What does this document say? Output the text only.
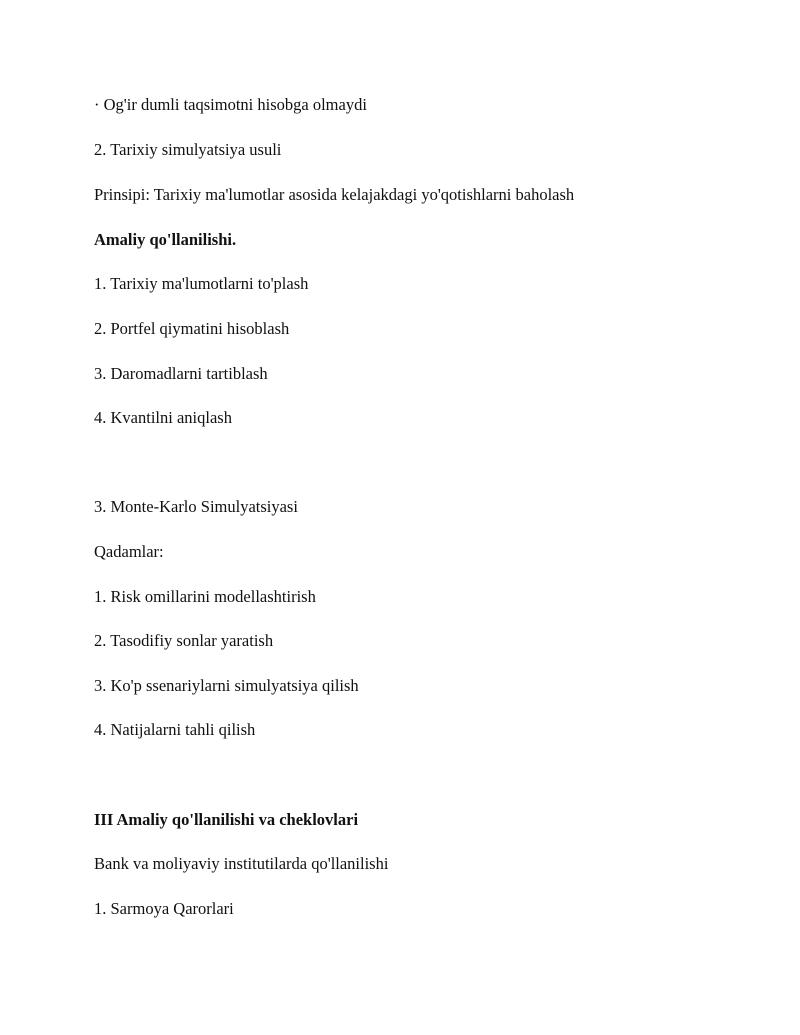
· Og'ir dumli taqsimotni hisobga olmaydi
2. Tarixiy simulyatsiya usuli
Prinsipi: Tarixiy ma'lumotlar asosida kelajakdagi yo'qotishlarni baholash
Amaliy qo'llanilishi.
1. Tarixiy ma'lumotlarni to'plash
2. Portfel qiymatini hisoblash
3. Daromadlarni tartiblash
4. Kvantilni aniqlash
3. Monte-Karlo Simulyatsiyasi
Qadamlar:
1. Risk omillarini modellashtirish
2. Tasodifiy sonlar yaratish
3. Ko'p ssenariylarni simulyatsiya qilish
4. Natijalarni tahli qilish
III Amaliy qo'llanilishi va cheklovlari
Bank va moliyaviy institutilarda qo'llanilishi
1. Sarmoya Qarorlari
